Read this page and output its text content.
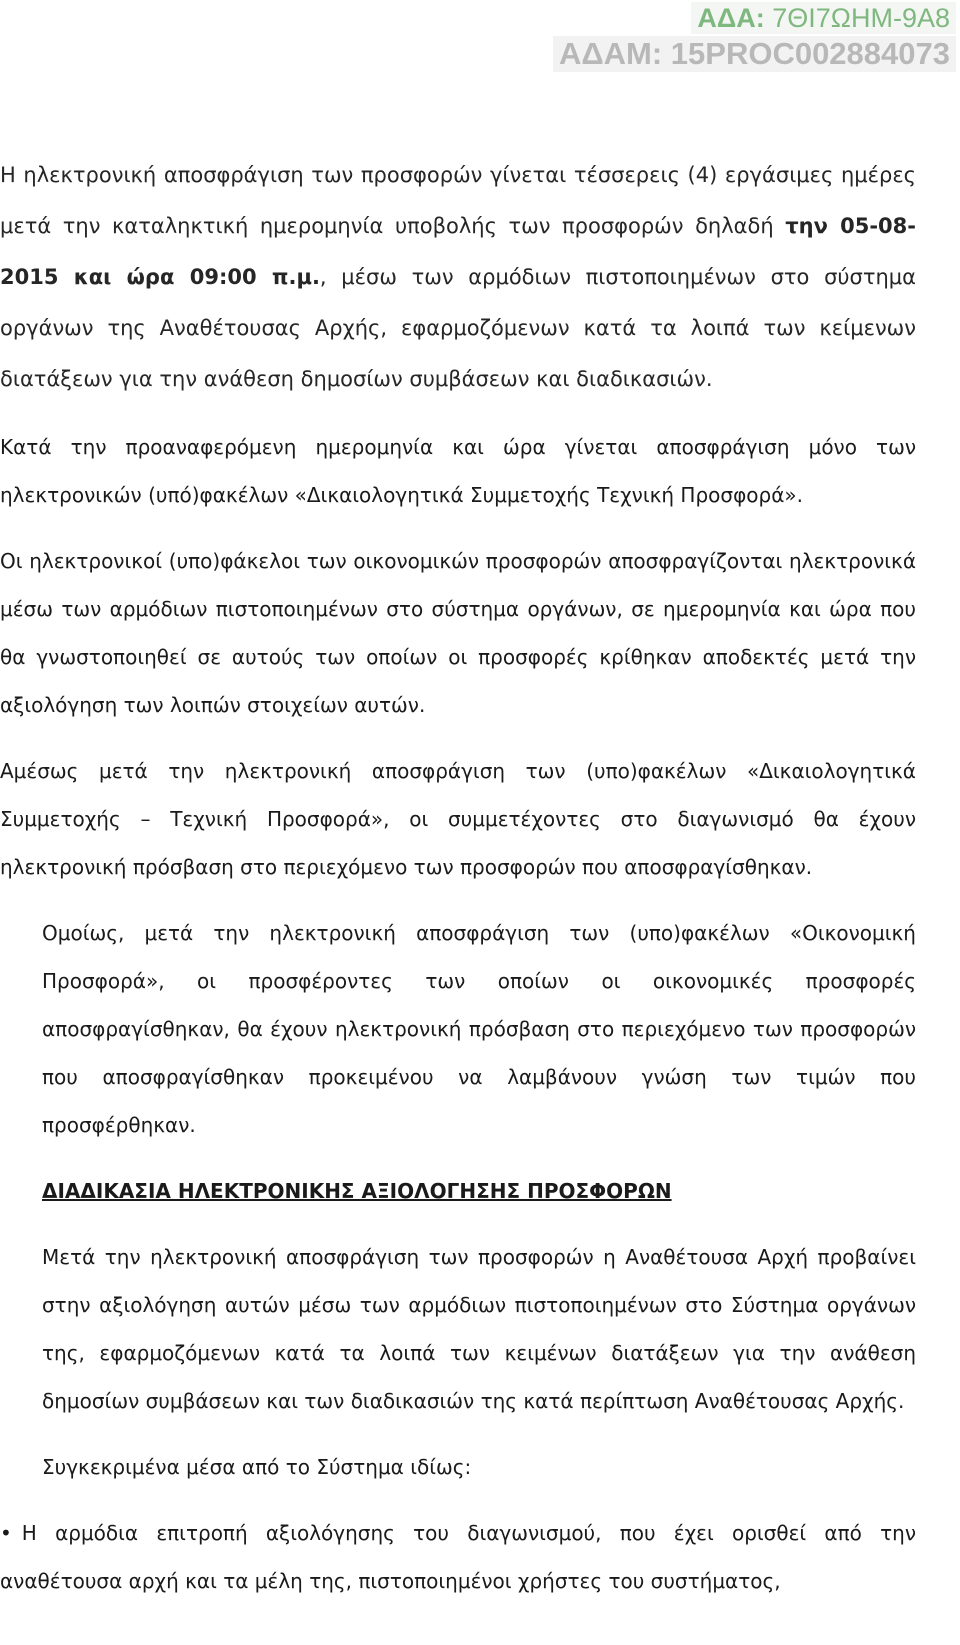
ΑΔΑ: 7ΘΙ7ΩΗΜ-9Α8
ΑΔΑΜ: 15PROC002884073

Η ηλεκτρονική αποσφράγιση των προσφορών γίνεται τέσσερεις (4) εργάσιμες ημέρες μετά την καταληκτική ημερομηνία υποβολής των προσφορών δηλαδή την 05-08-2015 και ώρα 09:00 π.μ., μέσω των αρμόδιων πιστοποιημένων στο σύστημα οργάνων της Αναθέτουσας Αρχής, εφαρμοζόμενων κατά τα λοιπά των κείμενων διατάξεων για την ανάθεση δημοσίων συμβάσεων και διαδικασιών.

Κατά την προαναφερόμενη ημερομηνία και ώρα γίνεται αποσφράγιση μόνο των ηλεκτρονικών (υπό)φακέλων «Δικαιολογητικά Συμμετοχής Τεχνική Προσφορά».

Οι ηλεκτρονικοί (υπο)φάκελοι των οικονομικών προσφορών αποσφραγίζονται ηλεκτρονικά μέσω των αρμόδιων πιστοποιημένων στο σύστημα οργάνων, σε ημερομηνία και ώρα που θα γνωστοποιηθεί σε αυτούς των οποίων οι προσφορές κρίθηκαν αποδεκτές μετά την αξιολόγηση των λοιπών στοιχείων αυτών.

Αμέσως μετά την ηλεκτρονική αποσφράγιση των (υπο)φακέλων «Δικαιολογητικά Συμμετοχής – Τεχνική Προσφορά», οι συμμετέχοντες στο διαγωνισμό θα έχουν ηλεκτρονική πρόσβαση στο περιεχόμενο των προσφορών που αποσφραγίσθηκαν.

Ομοίως, μετά την ηλεκτρονική αποσφράγιση των (υπο)φακέλων «Οικονομική Προσφορά», οι προσφέροντες των οποίων οι οικονομικές προσφορές αποσφραγίσθηκαν, θα έχουν ηλεκτρονική πρόσβαση στο περιεχόμενο των προσφορών που αποσφραγίσθηκαν προκειμένου να λαμβάνουν γνώση των τιμών που προσφέρθηκαν.

ΔΙΑΔΙΚΑΣΙΑ ΗΛΕΚΤΡΟΝΙΚΗΣ ΑΞΙΟΛΟΓΗΣΗΣ ΠΡΟΣΦΟΡΩΝ

Μετά την ηλεκτρονική αποσφράγιση των προσφορών η Αναθέτουσα Αρχή προβαίνει στην αξιολόγηση αυτών μέσω των αρμόδιων πιστοποιημένων στο Σύστημα οργάνων της, εφαρμοζόμενων κατά τα λοιπά των κειμένων διατάξεων για την ανάθεση δημοσίων συμβάσεων και των διαδικασιών της κατά περίπτωση Αναθέτουσας Αρχής.

Συγκεκριμένα μέσα από το Σύστημα ιδίως:

• Η αρμόδια επιτροπή αξιολόγησης του διαγωνισμού, που έχει ορισθεί από την αναθέτουσα αρχή και τα μέλη της, πιστοποιημένοι χρήστες του συστήματος,
